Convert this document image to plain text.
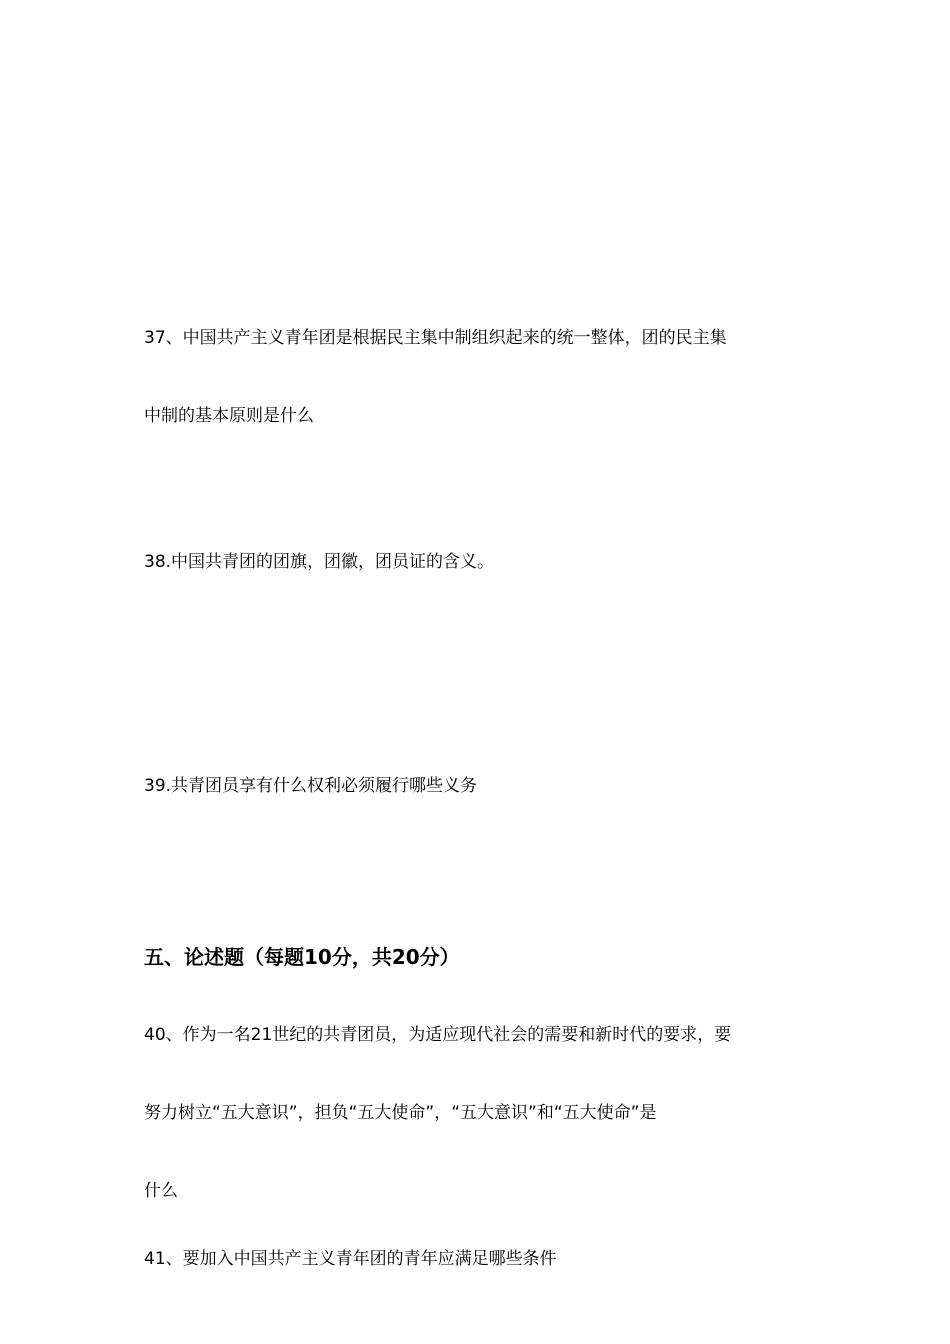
37、中国共产主义青年团是根据民主集中制组织起来的统一整体，团的民主集

中制的基本原则是什么

38.中国共青团的团旗，团徽，团员证的含义。

39.共青团员享有什么权利必须履行哪些义务

五、论述题（每题10分，共20分）

40、作为一名21世纪的共青团员，为适应现代社会的需要和新时代的要求，要

努力树立“五大意识”，担负“五大使命”，“五大意识”和“五大使命”是

什么

41、要加入中国共产主义青年团的青年应满足哪些条件
